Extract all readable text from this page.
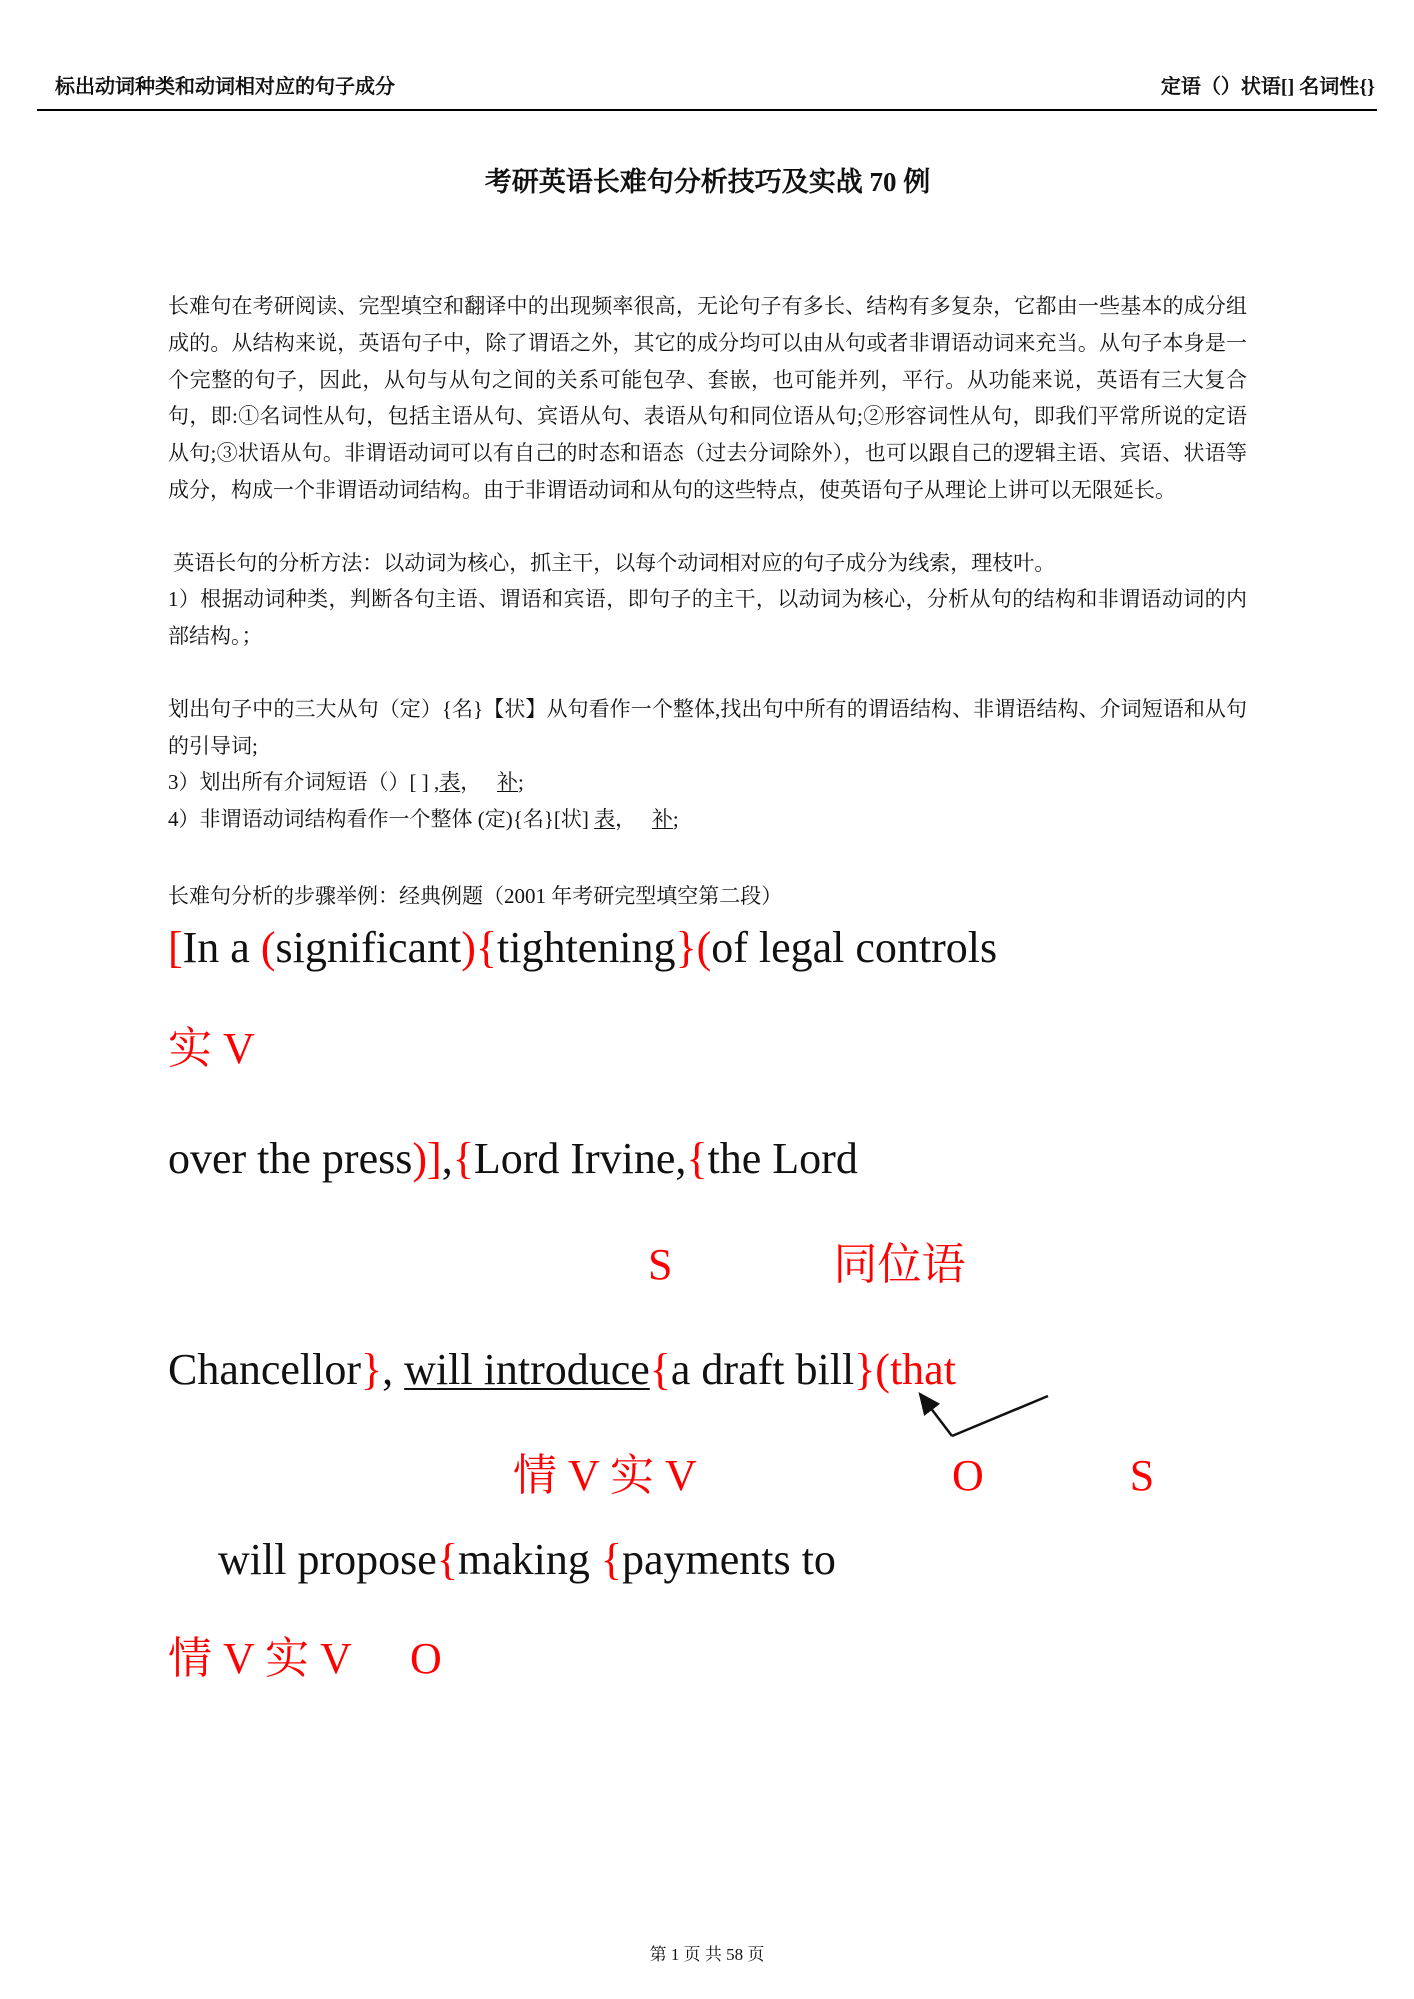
标出动词种类和动词相对应的句子成分	定语（）状语[] 名词性{}
考研英语长难句分析技巧及实战 70 例

长难句在考研阅读、完型填空和翻译中的出现频率很高，无论句子有多长、结构有多复杂，它都由一些基本的成分组成的。从结构来说，英语句子中，除了谓语之外，其它的成分均可以由从句或者非谓语动词来充当。从句子本身是一个完整的句子，因此，从句与从句之间的关系可能包孕、套嵌，也可能并列，平行。从功能来说，英语有三大复合句，即:①名词性从句，包括主语从句、宾语从句、表语从句和同位语从句;②形容词性从句，即我们平常所说的定语从句;③状语从句。非谓语动词可以有自己的时态和语态（过去分词除外），也可以跟自己的逻辑主语、宾语、状语等成分，构成一个非谓语动词结构。由于非谓语动词和从句的这些特点，使英语句子从理论上讲可以无限延长。

英语长句的分析方法：以动词为核心，抓主干，以每个动词相对应的句子成分为线索，理枝叶。
1）根据动词种类，判断各句主语、谓语和宾语，即句子的主干，以动词为核心，分析从句的结构和非谓语动词的内部结构。；
划出句子中的三大从句（定）{名}【状】从句看作一个整体,找出句中所有的谓语结构、非谓语结构、介词短语和从句的引导词;
3）划出所有介词短语（）[ ] ,表，   补;
4）非谓语动词结构看作一个整体 (定){名}[状] 表，   补;
长难句分析的步骤举例：经典例题（2001 年考研完型填空第二段）
[In a (significant){tightening}(of legal controls
实 V
over the press)],{Lord Irvine,{the Lord
S	同位语
Chancellor}, will introduce{a draft bill}(that
情 V 实 V	O	S
will propose{making {payments to
情 V 实 V O
第 1 页 共 58 页
